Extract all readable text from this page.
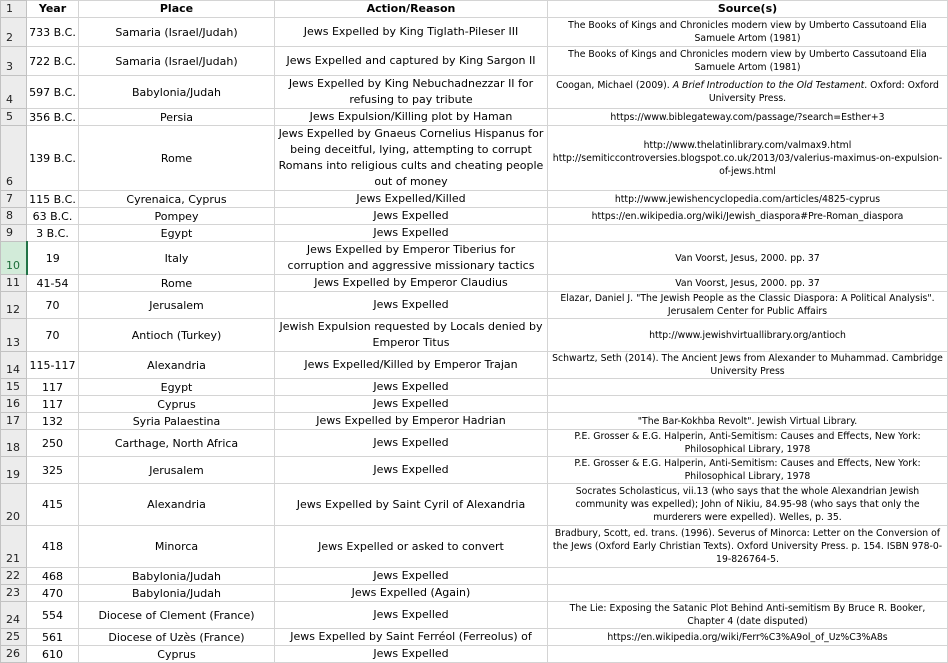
1	Year	Place	Action/Reason	Source(s)
2	733 B.C.	Samaria (Israel/Judah)	Jews Expelled by King Tiglath-Pileser III	The Books of Kings and Chronicles modern view by Umberto Cassutoand Elia Samuele Artom (1981)
3	722 B.C.	Samaria (Israel/Judah)	Jews Expelled and captured by King Sargon II	The Books of Kings and Chronicles modern view by Umberto Cassutoand Elia Samuele Artom (1981)
4	597 B.C.	Babylonia/Judah	Jews Expelled by King Nebuchadnezzar II for refusing to pay tribute	Coogan, Michael (2009). A Brief Introduction to the Old Testament. Oxford: Oxford University Press.
5	356 B.C.	Persia	Jews Expulsion/Killing plot by Haman	https://www.biblegateway.com/passage/?search=Esther+3
6	139 B.C.	Rome	Jews Expelled by Gnaeus Cornelius Hispanus for being deceitful, lying, attempting to corrupt Romans into religious cults and cheating people out of money	http://www.thelatinlibrary.com/valmax9.html
http://semiticcontroversies.blogspot.co.uk/2013/03/valerius-maximus-on-expulsion-of-jews.html
7	115 B.C.	Cyrenaica, Cyprus	Jews Expelled/Killed	http://www.jewishencyclopedia.com/articles/4825-cyprus
8	63 B.C.	Pompey	Jews Expelled	https://en.wikipedia.org/wiki/Jewish_diaspora#Pre-Roman_diaspora
9	3 B.C.	Egypt	Jews Expelled	
10	19	Italy	Jews Expelled by Emperor Tiberius for corruption and aggressive missionary tactics	Van Voorst, Jesus, 2000. pp. 37
11	41-54	Rome	Jews Expelled by Emperor Claudius	Van Voorst, Jesus, 2000. pp. 37
12	70	Jerusalem	Jews Expelled	Elazar, Daniel J. "The Jewish People as the Classic Diaspora: A Political Analysis". Jerusalem Center for Public Affairs
13	70	Antioch (Turkey)	Jewish Expulsion requested by Locals denied by Emperor Titus	http://www.jewishvirtuallibrary.org/antioch
14	115-117	Alexandria	Jews Expelled/Killed by Emperor Trajan	Schwartz, Seth (2014). The Ancient Jews from Alexander to Muhammad. Cambridge University Press
15	117	Egypt	Jews Expelled	
16	117	Cyprus	Jews Expelled	
17	132	Syria Palaestina	Jews Expelled by Emperor Hadrian	"The Bar-Kokhba Revolt". Jewish Virtual Library.
18	250	Carthage, North Africa	Jews Expelled	P.E. Grosser & E.G. Halperin, Anti-Semitism: Causes and Effects, New York: Philosophical Library, 1978
19	325	Jerusalem	Jews Expelled	P.E. Grosser & E.G. Halperin, Anti-Semitism: Causes and Effects, New York: Philosophical Library, 1978
20	415	Alexandria	Jews Expelled by Saint Cyril of Alexandria	Socrates Scholasticus, vii.13 (who says that the whole Alexandrian Jewish community was expelled); John of Nikiu, 84.95-98 (who says that only the murderers were expelled). Welles, p. 35.
21	418	Minorca	Jews Expelled or asked to convert	Bradbury, Scott, ed. trans. (1996). Severus of Minorca: Letter on the Conversion of the Jews (Oxford Early Christian Texts). Oxford University Press. p. 154. ISBN 978-0-19-826764-5.
22	468	Babylonia/Judah	Jews Expelled	
23	470	Babylonia/Judah	Jews Expelled (Again)	
24	554	Diocese of Clement (France)	Jews Expelled	The Lie: Exposing the Satanic Plot Behind Anti-semitism By Bruce R. Booker, Chapter 4 (date disputed)
25	561	Diocese of Uzès (France)	Jews Expelled by Saint Ferréol (Ferreolus) of	https://en.wikipedia.org/wiki/Ferr%C3%A9ol_of_Uz%C3%A8s
26	610	Cyprus	Jews Expelled	
